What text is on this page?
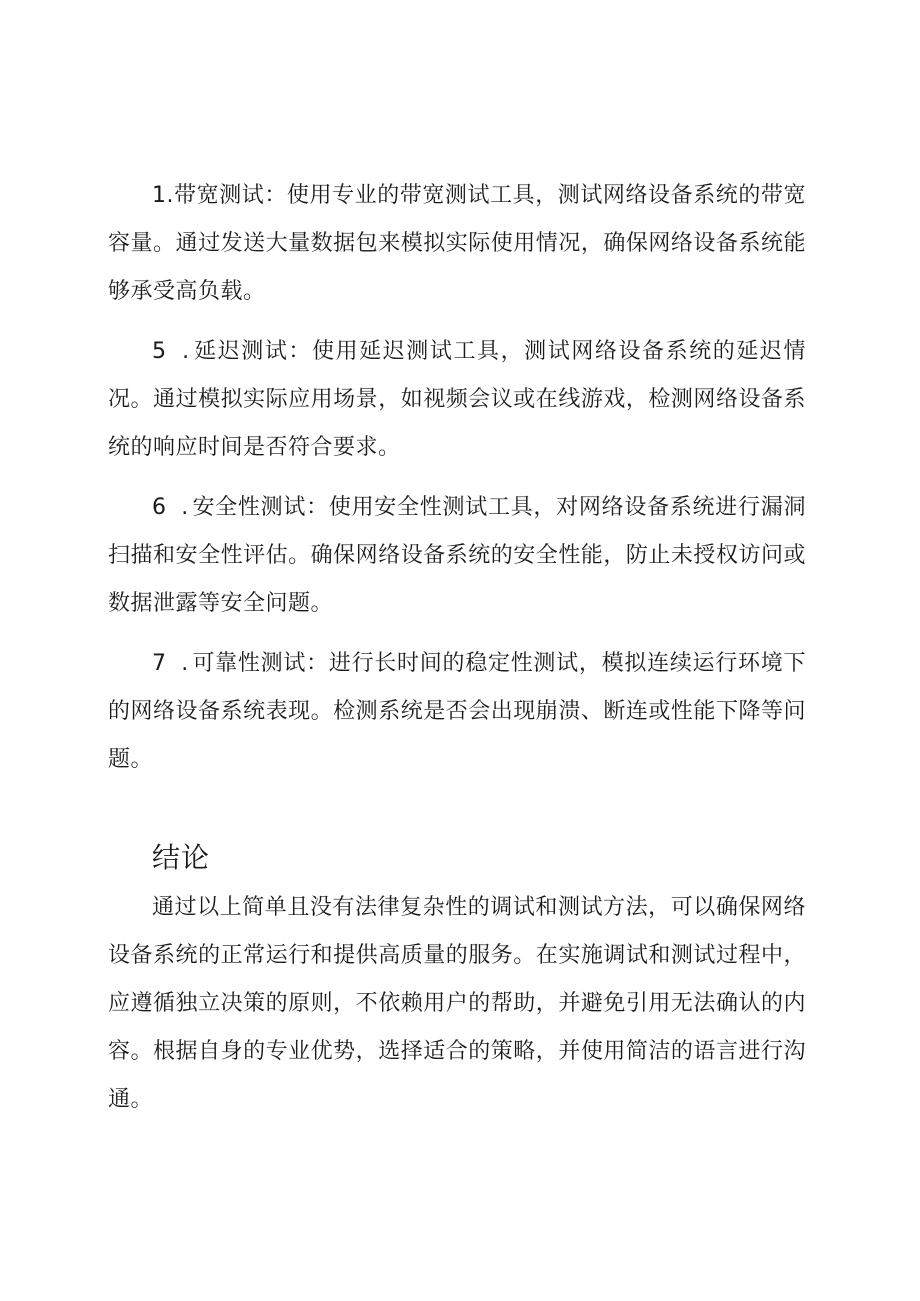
1.带宽测试：使用专业的带宽测试工具，测试网络设备系统的带宽容量。通过发送大量数据包来模拟实际使用情况，确保网络设备系统能够承受高负载。

5 .延迟测试：使用延迟测试工具，测试网络设备系统的延迟情况。通过模拟实际应用场景，如视频会议或在线游戏，检测网络设备系统的响应时间是否符合要求。

6 .安全性测试：使用安全性测试工具，对网络设备系统进行漏洞扫描和安全性评估。确保网络设备系统的安全性能，防止未授权访问或数据泄露等安全问题。

7 .可靠性测试：进行长时间的稳定性测试，模拟连续运行环境下的网络设备系统表现。检测系统是否会出现崩溃、断连或性能下降等问题。

结论

通过以上简单且没有法律复杂性的调试和测试方法，可以确保网络设备系统的正常运行和提供高质量的服务。在实施调试和测试过程中，应遵循独立决策的原则，不依赖用户的帮助，并避免引用无法确认的内容。根据自身的专业优势，选择适合的策略，并使用简洁的语言进行沟通。
